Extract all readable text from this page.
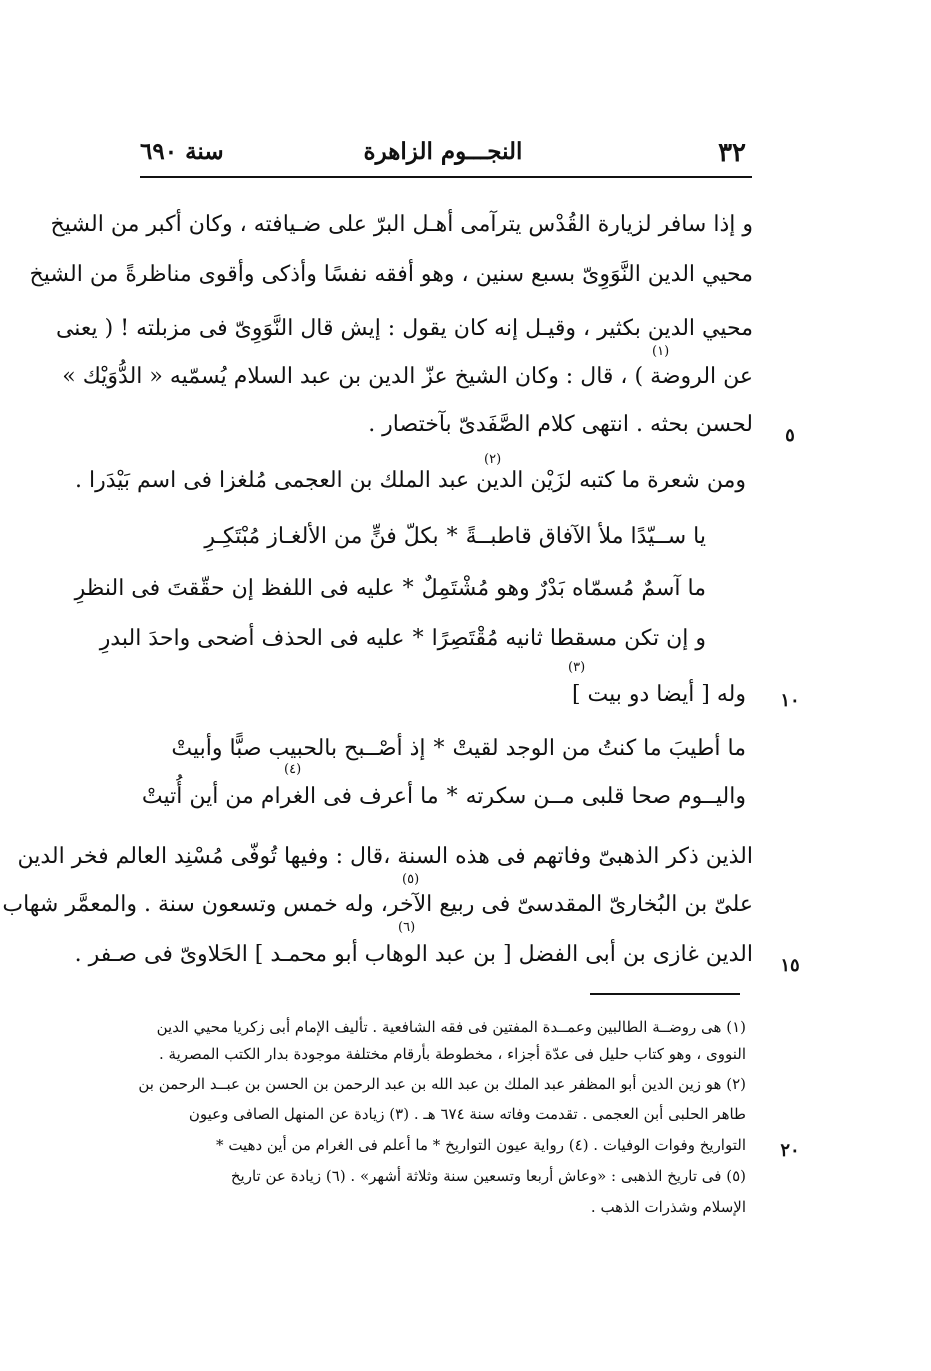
٣٢
النجـــوم الزاهرة
سنة ٦٩٠
و إذا سافر لزيارة القُدْس يترآمى أهـل البرّ على ضـيافته ، وكان أكبر من الشيخ
محيي الدين النَّوَوِىّ بسبع سنين ، وهو أفقه نفسًا وأذكى وأقوى مناظرةً من الشيخ
محيي الدين بكثير ، وقيـل إنه كان يقول : إيش قال النَّوَوِىّ فى مزبلته ! ( يعنى
(١)
عن الروضة ) ، قال : وكان الشيخ عزّ الدين بن عبد السلام يُسمّيه « الدُّوَيْك »
لحسن بحثه . انتهى كلام الصَّفَدىّ بآختصار .	٥
(٢)
ومن شعرة ما كتبه لزَيْن الدين عبد الملك بن العجمى مُلغزا فى اسم بَيْدَرا .
يا ســيّدًا ملأ الآفاق قاطبــةً*بكلّ فنٍّ من الألغـاز مُبْتَكِـرِ
ما آسمٌ مُسمّاه بَدْرٌ وهو مُشْتَمِلٌ*عليه فى اللفظ إن حقّقتَ فى النظرِ
و إن تكن مسقطا ثانيه مُقْتَصِرًا*عليه فى الحذف أضحى واحدَ البدرِ
(٣)
وله [ أيضا دو بيت ]	١٠
ما أطيبَ ما كنتُ من الوجد لقيتْ*إذ أصْــبح بالحبيب صبًّا وأبيتْ
(٤)
واليــوم صحا قلبى مــن سكرته*ما أعرف فى الغرام من أين أُتيتْ
الذين ذكر الذهبىّ وفاتهم فى هذه السنة ،قال : وفيها تُوفّى مُسْنِد العالم فخر الدين
(٥)
علىّ بن البُخارىّ المقدسىّ فى ربيع الآخر، وله خمس وتسعون سنة . والمعمَّر شهاب
(٦)
الدين غازى بن أبى الفضل [ بن عبد الوهاب أبو محمـد ] الحَلاوىّ فى صـفر .	١٥
(١) هى روضــة الطالبين وعمــدة المفتين فى فقه الشافعية . تأليف الإمام أبى زكريا محيي الدين
النووى ، وهو كتاب حليل فى عدّة أجزاء ، مخطوطة بأرقام مختلفة موجودة بدار الكتب المصرية .
(٢) هو زين الدين أبو المظفر عبد الملك بن عبد الله بن عبد الرحمن بن الحسن بن عبــد الرحمن بن
طاهر الحلبى أبن العجمى . تقدمت وفاته سنة ٦٧٤ هـ . (٣) زيادة عن المنهل الصافى وعيون
التواريخ وفوات الوفيات . (٤) رواية عيون التواريخ * ما أعلم فى الغرام من أين دهيت *	٢٠
(٥) فى تاريخ الذهبى : «وعاش أربعا وتسعين سنة وثلاثة أشهر» . (٦) زيادة عن تاريخ
الإسلام وشذرات الذهب .
